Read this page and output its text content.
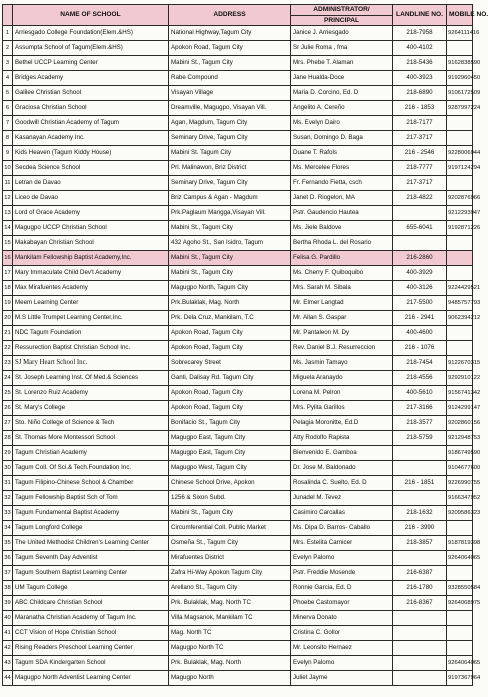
	NAME OF SCHOOL	ADDRESS	ADMINISTRATOR/	LANDLINE NO.	MOBILE NO.
			PRINCIPAL		
1	Arriesgado College Foundation(Elem.&HS)	National Highway,Tagum City	Janice J. Arriesgado	218-7958	9264111416
2	Assumpta School of Tagum(Elem.&HS)	Apokon Road, Tagum City	Sr Julie Roma , fma	400-4102	
3	Bethel UCCP Learning Center	Mabini St., Tagum City	Mrs. Phebe T. Alaman	218-5436	9162838590
4	Bridges Academy	Rabe Compound	Jane Hualda-Doce	400-3923	9192960450
5	Galilee Christian School	Visayan Village	Maria D. Corcino, Ed. D	218-6890	9106172509
6	Graciosa Christian School	Dreamville, Magugpo, Visayan Vill.	Angelito A. Cereño	216 - 1853	9287997224
7	Goodwill Christian Academy of Tagum	Agan, Magdum, Tagum City	Ms. Evelyn Dairo	218-7177	
8	Kasanayan Academy Inc.	Seminary Drive, Tagum City	Susan, Domingo D. Baga	217-3717	
9	Kids Heaven (Tagum Kiddy House)	Mabini St. Tagum City	Duane T. Rafols	216 - 2546	9228006944
10	Secdea Science School	Prl. Malinawon, Briz District	Ms. Mercelee Flores	218-7777	9197124294
11	Letran de Davao	Seminary Drive, Tagum City	Fr. Fernando Fietta, csch	217-3717	
12	Liceo de Davao	Briz Campus & Agan - Magdum	Janet D. Riogelon, MA	218-4822	9202876966
13	Lord of Grace Academy	Prk.Paglaum Mangga,Visayan Vill.	Pstr. Gaudencio Hautea		9212293947
14	Magugpo UCCP Christian School	Mabini St., Tagum City	Ms. Jiele Baldove	655-6041	9192871226
15	Makabayan Christian School	432 Agoho St., San Isidro, Tagum	Bertha Rhoda L. del Rosario		
16	Mankilam Fellowship Baptist Academy,Inc.	Mabini St., Tagum City	Felisa G. Pardillo	216-2860	
17	Mary Immaculate Child Dev't Academy	Mabini St., Tagum City	Ms. Cherry F. Quiboquibo	400-3929	
18	Max Mirafuentes Academy	Magugpo North, Tagum City	Mrs. Sarah M. Sibala	400-3126	9224429521
19	Meem Learning Center	Prk.Bulaklak, Mag. North	Mr. Elmer Langtad	217-5500	9485757793
20	M.S Little Trumpet Learning Center,Inc.	Prk. Dela Cruz, Mankilam, T.C	Mr. Allan S. Gaspar	216 - 2941	9062394212
21	NDC Tagum Foundation	Apokon Road, Tagum City	Mr. Pantaleon M. Dy	400-4600	
22	Ressurection Baptist Christian School Inc.	Apokon Road, Tagum City	Rev. Daniel B.J. Resurreccion	216 - 1076	
23	SJ Mary Heart School Inc.	Sobrecarey Street	Ms. Jasmin Tamayo	218-7454	9122670315
24	St. Joseph Learning Inst. Of Med.& Sciences	Ganti, Dalisay Rd. Tagum City	Miguela Aranaydo	218-4556	9292910122
25	St. Lorenzo Ruiz Academy	Apokon Road, Tagum City	Lorena M. Pelron	400-5610	9156741342
26	St. Mary's College	Apokon Road, Tagum City	Mrs. Pylita Garillos	217-3166	9124299147
27	Sto. Niño College of Science & Tech	Bonifacio St., Tagum City	Pelagia Moronitte, Ed.D	218-3577	9202860156
28	St. Thomas More Montessori School	Magugpo East, Tagum City	Atty Rodolfo Rapista	218-5759	9212948753
29	Tagum Christian Academy	Magugpo East, Tagum City	Bienvenido E. Gamboa		9186749590
30	Tagum Coll. Of Sci.& Tech.Foundation Inc.	Magugpo West, Tagum City	Dr. Jose M. Baldonado		9104677600
31	Tagum Filipino-Chinese School & Chamber	Chinese School Drive, Apokon	Rosalinda C. Suelto, Ed. D	216 - 1851	9226990755
32	Tagum Fellowship Baptist Sch of Tom	1256 & Sixon Subd.	Junadel M. Tevez		9166347952
33	Tagum Fundamental Baptist Academy	Mabini St., Tagum City	Casimiro Carcallas	218-1632	9209586323
34	Tagum Longford College	Circumferential Coll. Public Market	Ms. Dipa D. Barros- Caballo	216 - 3990	
35	The United Methodist Children's Learning Center	Osmeña St., Tagum City	Mrs. Estelita Carnicer	218-3857	9187819398
36	Tagum Seventh Day Adventist	Mirafuentes District	Evelyn Palomo		9264064065
37	Tagum Southern Baptist Learning Center	Zafra Hi-Way Apokon Tagum City	Pstr. Freddie Mosende	216-6387	
38	UM Tagum College	Arellano St., Tagum City	Ronnie Garcia, Ed. D	216-1780	9328550584
39	ABC Childcare Christian School	Prk. Bulaklak, Mag. North TC	Phoebe Castomayor	216-8367	9264068975
40	Maranatha Christian Academy of Tagum Inc.	Villa Magsanok, Mankilam TC	Minerva Donato		
41	CCT Vision of Hope Christian School	Mag. North TC	Cristina C. Gollor		
42	Rising Readers Preschool Learning Center	Magugpo North TC	Mr. Leonsito Hernaez		
43	Tagum SDA Kindergarten School	Prk. Bulaklak, Mag. North	Evelyn Palomo		9264064065
44	Magugpo North Adventist Learning Center	Magugpo North	Juliet Jayme		9197367964
